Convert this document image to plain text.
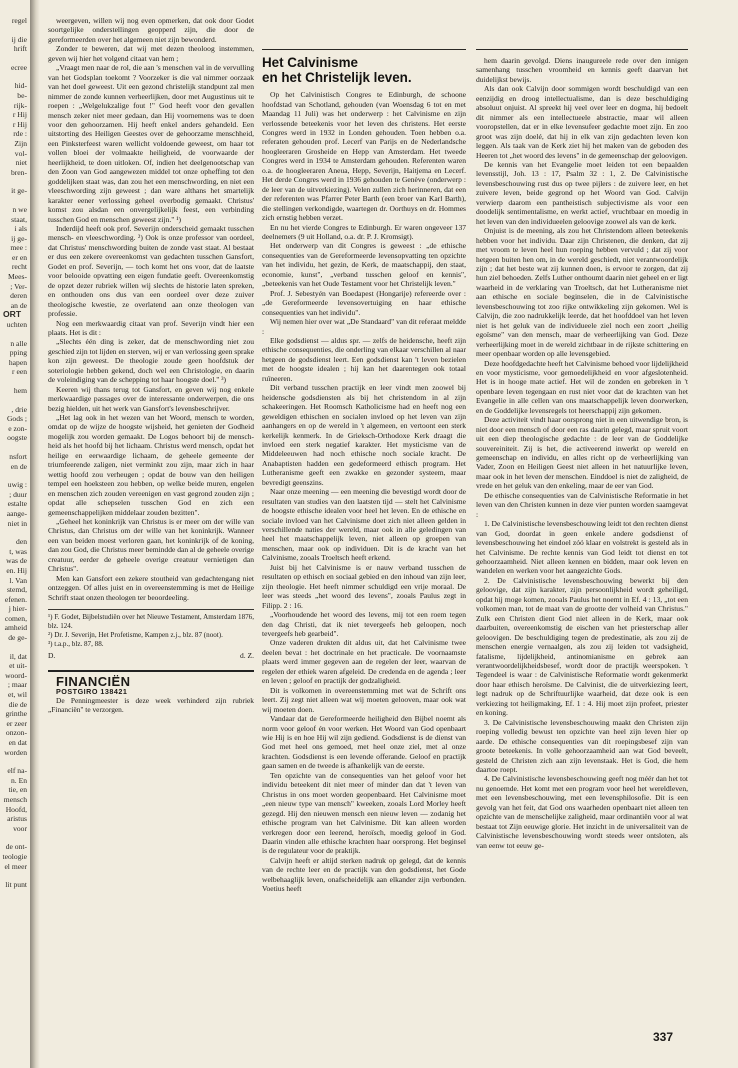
regel

ij die

hrift

ecree

hid-

be-

rijk-

r Hij

r Hij

rde :

Zijn

vol-

niet

bren-

it ge-

n we

staat,

i als

ij ge-

mee :

er en

recht

Mees-

; Ver-

deren

an de

ORT

uchten

n alle

pping

hapen

r een

hem

, drie

Gods ;

e zon-

oogste

nsfort

en de

uwig :

; duur

estalte

aange-

niet in

den

t, was

was de

en. Hij

l. Van

stemd,

efenen.

j hier-

comen,

amheid

de ge-

il, dat

et uit-

woord-

; maar

et, wil

die de

grinthe

er zeer

onzon-

en dat

worden

elf na-

n. En

tie, en

mensch

Hoofd,

aristus

voor

de ont-

teologie

el meer

lit punt

weergeven, willen wij nog even opmerken, dat ook door Godet soortgelijke onderstellingen geopperd zijn, die door de gereformeerden over het algemeen niet zijn bewonderd.

Zonder te beweren, dat wij met dezen theoloog instemmen, geven wij hier het volgend citaat van hem ;

„Vraagt men naar de rol, die aan 's menschen val in de vervulling van het Godsplan toekomt ? Voorzeker is die val nimmer oorzaak van het doel geweest. Uit een gezond christelijk standpunt zal men nimmer de zonde kunnen verheerlijken, door met Augustinus uit te roepen : „Welgelukzalige fout !" God heeft voor den gevallen mensch zeker niet meer gedaan, dan Hij voornemens was te doen voor den gehoorzamen. Hij heeft enkel anders gehandeld. Een uitstorting des Heiligen Geestes over de gehoorzame menschheid, een Pinksterfeest waren wellicht voldoende geweest, om haar tot vollen bloei der volmaakte heiligheid, de voorwaarde der heerlijkheid, te doen uitloken. Of, indien het deelgenootschap van den Zoon van God aangewezen middel tot onze opheffing tot den goddelijken staat was, dan zou het een menschwording, en niet een vleeschwording zijn geweest ; dan ware althans het smartelijk karakter eener verlossing geheel overbodig gemaakt. Christus' komst zou alsdan een onvergelijkelijk feest, een verbinding tusschen God en menschen geweest zijn." ¹)

Inderdijd heeft ook prof. Severijn onderscheid gemaakt tusschen mensch- en vleeschwording. ²) Ook is onze professor van oordeel, dat Christus' menschwording buiten de zonde vast staat. Al bestaat er dus een zekere overeenkomst van gedachten tusschen Gansfort, Godet en prof. Severijn, — toch komt het ons voor, dat de laatste voor belooide opvatting een eigen fundatie geeft. Overeenkomstig de opzet dezer rubriek willen wij slechts de historie laten spreken, en onthouden ons dus van een oordeel over deze zuiver theologische kwestie, ze overlatend aan onze theologen van professie.

Nog een merkwaardig citaat van prof. Severijn vindt hier een plaats. Het is dit :

„Slechts één ding is zeker, dat de menschwording niet zou geschied zijn tot lijden en sterven, wij er van verlossing geen sprake kon zijn geweest. De theologie zoude geen hoofdstuk der soteriologie hebben gekend, doch wel een Christologie, en daarin de voleindiging van de schepping tot haar hoogste doel." ³)

Keeren wij thans terug tot Gansfort, en geven wij nog enkele merkwaardige passages over de interessante onderwerpen, die ons bezig hielden, uit het werk van Gansfort's levensbeschrijver.

„Het lag ook in het wezen van het Woord, mensch te worden, omdat op de wijze de hoogste wijsheid, het genieten der Godheid mogelijk zou worden gemaakt. De Logos behoort bij de menschheid als het hoofd bij het lichaam. Christus werd mensch, opdat het heilige en eerwaardige lichaam, de geheele gemeente der triumfeerende zaligen, niet verminkt zou zijn, maar zich in haar wettig hoofd zou verheugen ; opdat de bouw van den heiligen tempel een hoeksteen zou hebben, op welke beide muren, engelen en menschen zich zouden vereenigen en vast gegrond zouden zijn ; opdat alle schepselen tusschen God en zich een gemeenschappelijken middelaar zouden bezitten".

„Geheel het koninkrijk van Christus is er meer om der wille van Christus, dan Christus om der wille van het koninkrijk. Wanneer een van beiden moest verloren gaan, het koninkrijk of de koning, dan zou God, die Christus meer bemindde dan al de geheele overige creatuur, eerder de geheele overige creatuur vernietigen dan Christus".

Men kan Gansfort een zekere stoutheid van gedachtengang niet ontzeggen. Of alles juist en in overeenstemming is met de Heilige Schrift staat onzen theologen ter beoordeeling.

¹) F. Godet, Bijbelstudiën over het Nieuwe Testament, Amsterdam 1876, blz. 124.

²) Dr. J. Severijn, Het Profetisme, Kampen z.j., blz. 87 (noot).

³) t.a.p., blz. 87, 88.

D.	d. Z.

FINANCIËN

POSTGIRO 138421

De Penningmeester is deze week verhinderd zijn rubriek „Financiën" te verzorgen.

Het Calvinisme
en het Christelijk leven.

Op het Calvinistisch Congres te Edinburgh, de schoone hoofdstad van Schotland, gehouden (van Woensdag 6 tot en met Maandag 11 Juli) was het onderwerp : het Calvinisme en zijn verlossende beteekenis voor het leven des christens. Het eerste Congres werd in 1932 in Londen gehouden. Toen hebben o.a. referaten gehouden prof. Lecerf van Parijs en de Nederlandsche hoogleeraren Grosheide en Hepp van Amsterdam. Het tweede Congres werd in 1934 te Amsterdam gehouden. Referenten waren o.a. de hoogleeraren Aneua, Hepp, Severijn, Haitjema en Lecerf. Het derde Congres werd in 1936 gehouden te Genève (onderwerp : de leer van de uitverkiezing). Velen zullen zich herinneren, dat een der referenten was Pfarrer Peter Barth (een broer van Karl Barth), die stellingen verkondigde, waartegen dr. Oorthuys en dr. Hommes zich ernstig hebben verzet.

En nu het vierde Congres te Edinburgh. Er waren ongeveer 137 deelnemers (9 uit Holland, o.a. dr. P. J. Kromsigt).

Het onderwerp van dit Congres is geweest : „de ethische consequenties van de Gereformeerde levensopvatting ten opzichte van het individu, het gezin, de Kerk, de maatschappij, den staat, economie, kunst", „verband tusschen geloof en kennis", „beteekenis van het Oude Testament voor het Christelijk leven."

Prof. J. Sebestyén van Boedapest (Hongarije) refereerde over : „de Gereformeerde levensovertuiging en haar ethische consequenties van het individu".

Wij nemen hier over wat „De Standaard" van dit referaat meldde :

Elke godsdienst — aldus spr. — zelfs de heidensche, heeft zijn ethische consequenties, die onderling van elkaar verschillen al naar hetgeen de godsdienst leert. Een godsdienst kan 't leven bezielen met de hoogste idealen ; hij kan het daarentegen ook totaal ruïneeren.

Dit verband tusschen practijk en leer vindt men zoowel bij heidensche godsdiensten als bij het christendom in al zijn schakeeringen. Het Roomsch Katholicisme had en heeft nog een geweldigen ethischen en socialen invloed op het leven van zijn aanhangers en op de wereld in 't algemeen, en vertoont een sterk kerkelijk kenmerk. In de Grieksch-Orthodoxe Kerk draagt die invloed een sterk negatief karakter. Het mysticisme van de Middeleeuwen had noch ethische noch sociale kracht. De Anabaptisten hadden een gedeformeerd ethisch program. Het Lutheranisme geeft een zwakke en gezonder systeem, maar bevredigt geenszins.

Naar onze meening — een meening die bevestigd wordt door de resultaten van studies van den laatsten tijd — stelt het Calvinisme de hoogste ethische idealen voor heel het leven. En de ethische en sociale invloed van het Calvinisme doet zich niet alleen gelden in verschillende naties der wereld, maar ook in alle geledingen van heel het maatschappelijk leven, niet alleen op groepen van menschen, maar ook op individuen. Dit is de kracht van het Calvinisme, zooals Troeltsch heeft erkend.

Juist bij het Calvinisme is er nauw verband tusschen de resultaten op ethisch en sociaal gebied en den inhoud van zijn leer, zijn theologie. Het heeft nimmer schuldigd een vrije moraal. De leer was steeds „het woord des levens", zooals Paulus zegt in Filipp. 2 : 16.

„Voorhoudende het woord des levens, mij tot een roem tegen den dag Christi, dat ik niet tevergeefs heb geloopen, noch tevergeefs heb gearbeid".

Onze vaderen drukten dit aldus uit, dat het Calvinisme twee deelen bevat : het doctrinale en het practicale. De voornaamste plaats werd immer gegeven aan de regelen der leer, waarvan de regelen der ethiek waren afgeleid. De credenda en de agenda ; leer en leven ; geloof en practijk der godzaligheid.

Dit is volkomen in overeenstemming met wat de Schrift ons leert. Zij zegt niet alleen wat wij moeten gelooven, maar ook wat wij moeten doen.

Vandaar dat de Gereformeerde heiligheid den Bijbel noemt als norm voor geloof én voor werken. Het Woord van God openbaart wie Hij is en hoe Hij wil zijn gediend. Godsdienst is de dienst van God met heel ons gemoed, met heel onze ziel, met al onze krachten. Godsdienst is een levende offerande. Geloof en practijk gaan samen en de tweede is afhankelijk van de eerste.

Ten opzichte van de consequenties van het geloof voor het individu beteekent dit niet meer of minder dan dat 't leven van Christus in ons moet worden geopenbaard. Het Calvinisme moet „een nieuw type van mensch" kweeken, zooals Lord Morley heeft gezegd. Hij den nieuwen mensch een nieuw leven — zodanig het ethische program van het Calvinisme. Dit kan alleen worden verkregen door een leerend, heroïsch, moedig geloof in God. Daarin vinden alle ethische krachten haar oorsprong. Het beginsel is de regulateur voor de praktijk.

Calvijn heeft er altijd sterken nadruk op gelegd, dat de kennis van de rechte leer en de practijk van den godsdienst, het Gode welbehaaglijk leven, onafscheidelijk aan elkander zijn verbonden. Voetius heeft

hem daarin gevolgd. Diens inaugureele rede over den innigen samenhang tusschen vroomheid en kennis geeft daarvan het duidelijkst bewijs.

Als dan ook Calvijn door sommigen wordt beschuldigd van een eenzijdig en droog intellectualisme, dan is deze beschuldiging absoluut onjuist. Al spreekt hij veel over leer en dogma, hij bedoelt dit nimmer als een intellectueele abstractie, maar wil alleen vooropstellen, dat er in elke levensufeer gedachte moet zijn. En zoo groot was zijn doelé, dat hij in elk van zijn gedachten leven kon leggen. Als taak van de Kerk ziet hij het maken van de geboden des Heeren tot „het woord des levens" in de gemeenschap der geloovigen.

De kennis van het Evangelie moet leiden tot een bepaalden levensstijl, Joh. 13 : 17, Psalm 32 : 1, 2. De Calvinistische levensbeschouwing rust dus op twee pijlers : de zuivere leer, en het zuivere leven, beide gegrond op het Woord van God. Calvijn verwierp daarom een pantheistisch subjectivisme als voor een doodelijk sentimentalisme, en werkt actief, vruchtbaar en moedig in het leven van den individueelen geloovige zoowel als van de kerk.

Onjuist is de meening, als zou het Christendom alleen beteekenis hebben voor het individu. Daar zijn Christenen, die denken, dat zij met vroom te leven heel hun roeping hebben vervuld ; dat zij voor hetgeen buiten hen om, in de wereld geschiedt, niet verantwoordelijk zijn ; dat het beste wat zij kunnen doen, is ervoor te zorgen, dat zij hun ziel behoeden. Zelfs Luther onthoumt daarin niet geheel en er ligt waarheid in de verklaring van Troeltsch, dat het Lutheranisme niet aan ethische en sociale beginselen, die in de Calvinistische levensbeschouwing tot zoo rijke ontwikkeling zijn gekomen. Wel is Calvijn, die zoo nadrukkelijk leerde, dat het hoofddoel van het leven niet is het geluk van de individueele ziel noch een zoort „heilig egoïsme" van den mensch, maar de verheerlijking van God. Deze verheerlijking moet in de wereld zichtbaar in de rijkste schittering en meer openbaar worden op alle levensgebied.

Deze hoofdgedachte heeft het Calvinisme behoed voor lijdelijkheid en voor mysticisme, voor gemoedelijkheid en voor afgeslotenheid. Het is in hooge mate actief. Het wil de zonden en gebreken in 't openbare leven tegengaan en rust niet voor dat de krachten van het Evangelie in alle cellen van ons maatschappelijk leven doorwerken, en de Goddelijke levensregels tot heerschappij zijn gekomen.

Deze activiteit vindt haar oorsprong niet in een uitwendige bron, is niet door een mensch of door een ras daarin gelegd, maar spruit voort uit een diep theologische gedachte : de leer van de Goddelijke souvereiniteit. Zij is het, die activeerend inwerkt op wereld en gemeenschap en individu, en alles richt op de verheerlijking van Vader, Zoon en Heiligen Geest niet alleen in het natuurlijke leven, maar ook in het leven der menschen. Einddoel is niet de zaligheid, de vrede en het geluk van den enkeling, maar de eer van God.

De ethische consequenties van de Calvinistische Reformatie in het leven van den Christen kunnen in deze vier punten worden saamgevat :

1. De Calvinistische levensbeschouwing leidt tot den rechten dienst van God, doordat in geen enkele andere godsdienst of levensbeschouwing het eindoel zóó klaar en volstrekt is gesteld als in het Calvinisme. De rechte kennis van God leidt tot dienst en tot gehoorzaamheid. Niet alleen kennen en bidden, maar ook leven en wandelen en werken voor het aangezichte Gods.

2. De Calvinistische levensbeschouwing bewerkt bij den geloovige, dat zijn karakter, zijn persoonlijkheid wordt geheiligd, opdat hij moge komen, zooals Paulus het noemt in Ef. 4 : 13, „tot een volkomen man, tot de maat van de grootte der volheid van Christus." Zulk een Christen dient God niet alleen in de Kerk, maar ook daarbuiten, overeenkomstig de eischen van het priesterschap aller geloovigen. De beschuldiging tegen de predestinatie, als zou zij de menschen energie vernaalgen, als zou zij leiden tot vadsigheid, fatalisme, lijdelijkheid, antinomianisme en gebrek aan verantwoordelijkheidsbesef, wordt door de practijk weerspoken. 't Tegendeel is waar : de Calvinistische Reformatie wordt gekenmerkt door haar ethisch heroïsme. De Calvinist, die de uitverkiezing leert, legt nadruk op de Schriftuurlijke waarheid, dat deze ook is een verkiezing tot heiligmaking, Ef. 1 : 4. Hij moet zijn profeet, priester en koning.

3. De Calvinistische levensbeschouwing maakt den Christen zijn roeping volledig bewust ten opzichte van heel zijn leven hier op aarde. De ethische consequenties van dit roepingsbesef zijn van groote beteekenis. In volle gehoorzaamheid aan wat God beveelt, gesteld de Christen zich aan zijn levenstaak. Het is God, die hem daartoe roept.

4. De Calvinistische levensbeschouwing geeft nog méér dan het tot nu genoemde. Het komt met een program voor heel het wereldleven, met een levensbeschouwing, met een levensphilosofie. Dit is een gevolg van het feit, dat God ons waarheden openbaart niet alleen ten opzichte van de menschelijke zaligheid, maar ordinantiën voor al wat bestaat tot Zijn eeuwige glorie. Het inzicht in de universaliteit van de Calvinistische levensbeschouwing wordt steeds weer ontsloten, als van eenw tot eeuw ge-

337
